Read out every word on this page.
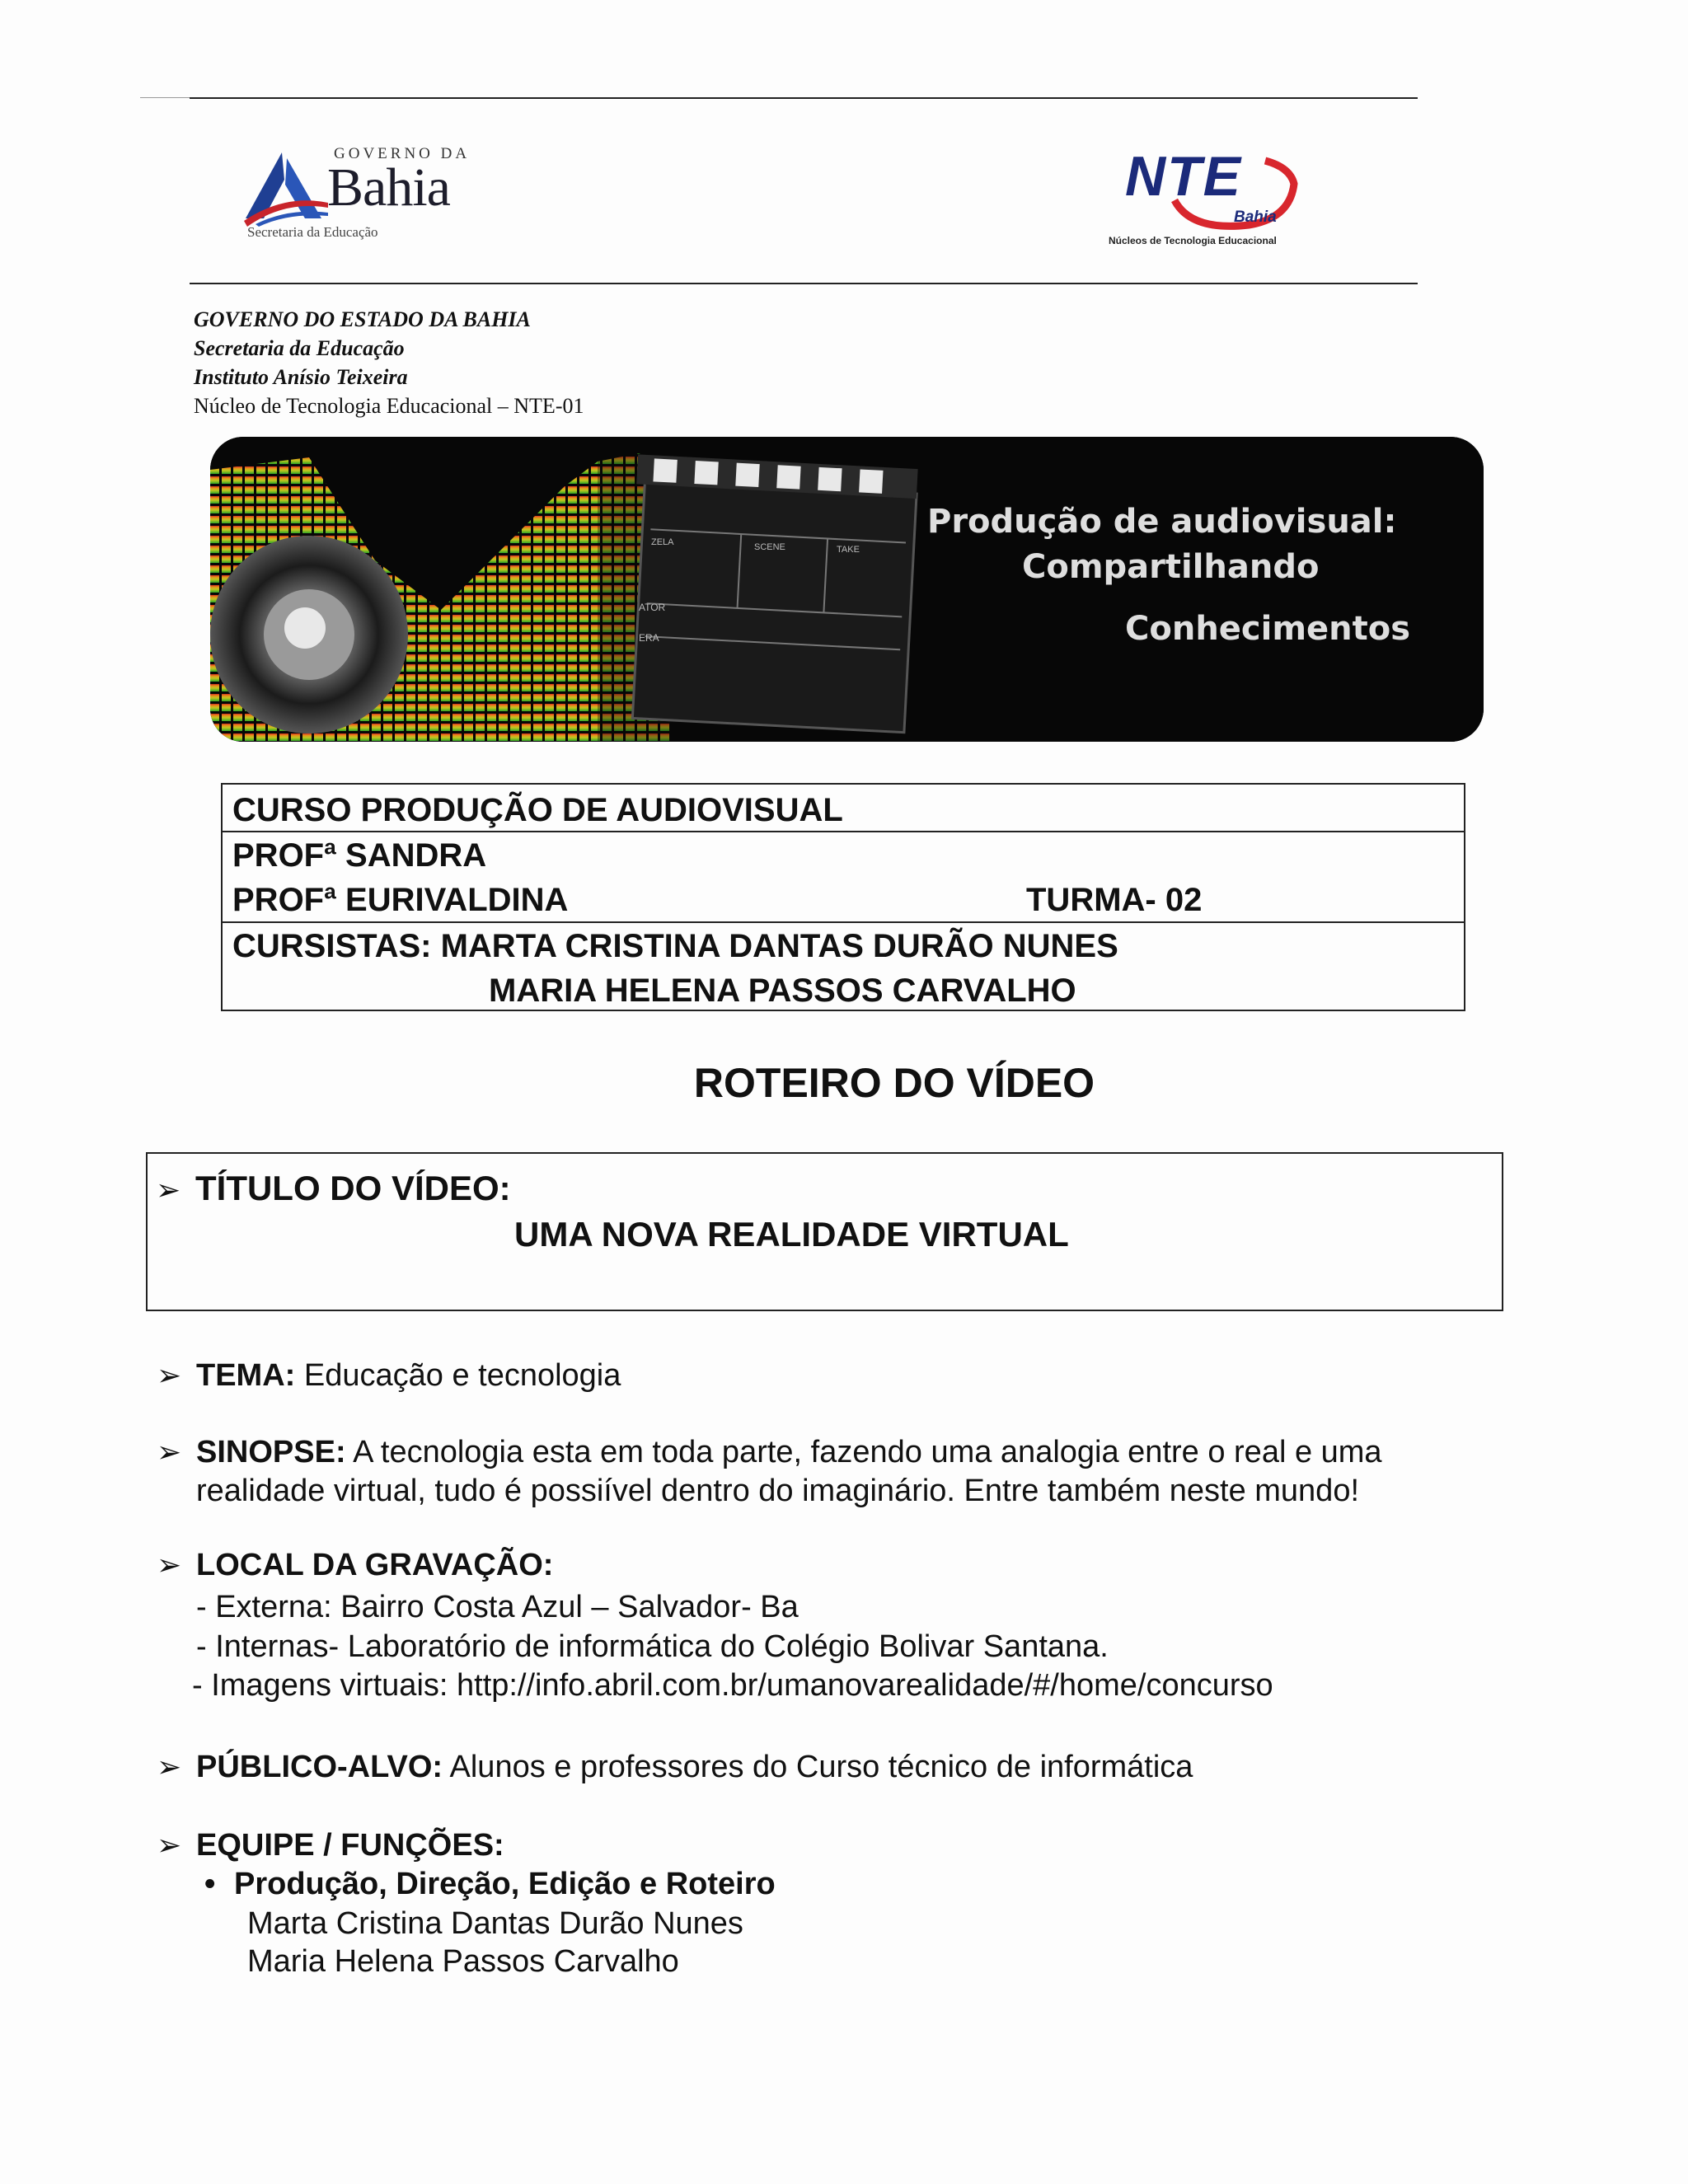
GOVERNO DA
Bahia
Secretaria da Educação
NTE
Bahia
Núcleos de Tecnologia Educacional
GOVERNO DO ESTADO DA BAHIA
Secretaria da Educação
Instituto Anísio Teixeira
Núcleo de Tecnologia Educacional – NTE-01
ATOR
ERA
ZELA	SCENE	TAKE
Produção de audiovisual:
Compartilhando
Conhecimentos
CURSO PRODUÇÃO DE AUDIOVISUAL
PROFª SANDRA
PROFª EURIVALDINA	TURMA- 02
CURSISTAS: MARTA CRISTINA DANTAS DURÃO NUNES
MARIA HELENA PASSOS CARVALHO
ROTEIRO DO VÍDEO
➢ TÍTULO DO VÍDEO:
UMA NOVA REALIDADE VIRTUAL
➢ TEMA: Educação e tecnologia
➢ SINOPSE: A tecnologia esta em toda parte, fazendo uma analogia entre o real e uma
realidade virtual, tudo é possiível dentro do imaginário. Entre também neste mundo!
➢ LOCAL DA GRAVAÇÃO:
- Externa: Bairro Costa Azul – Salvador- Ba
- Internas- Laboratório de informática do Colégio Bolivar Santana.
- Imagens virtuais: http://info.abril.com.br/umanovarealidade/#/home/concurso
➢ PÚBLICO-ALVO: Alunos e professores do Curso técnico de informática
➢ EQUIPE / FUNÇÕES:
• Produção, Direção, Edição e Roteiro
Marta Cristina Dantas Durão Nunes
Maria Helena Passos Carvalho
